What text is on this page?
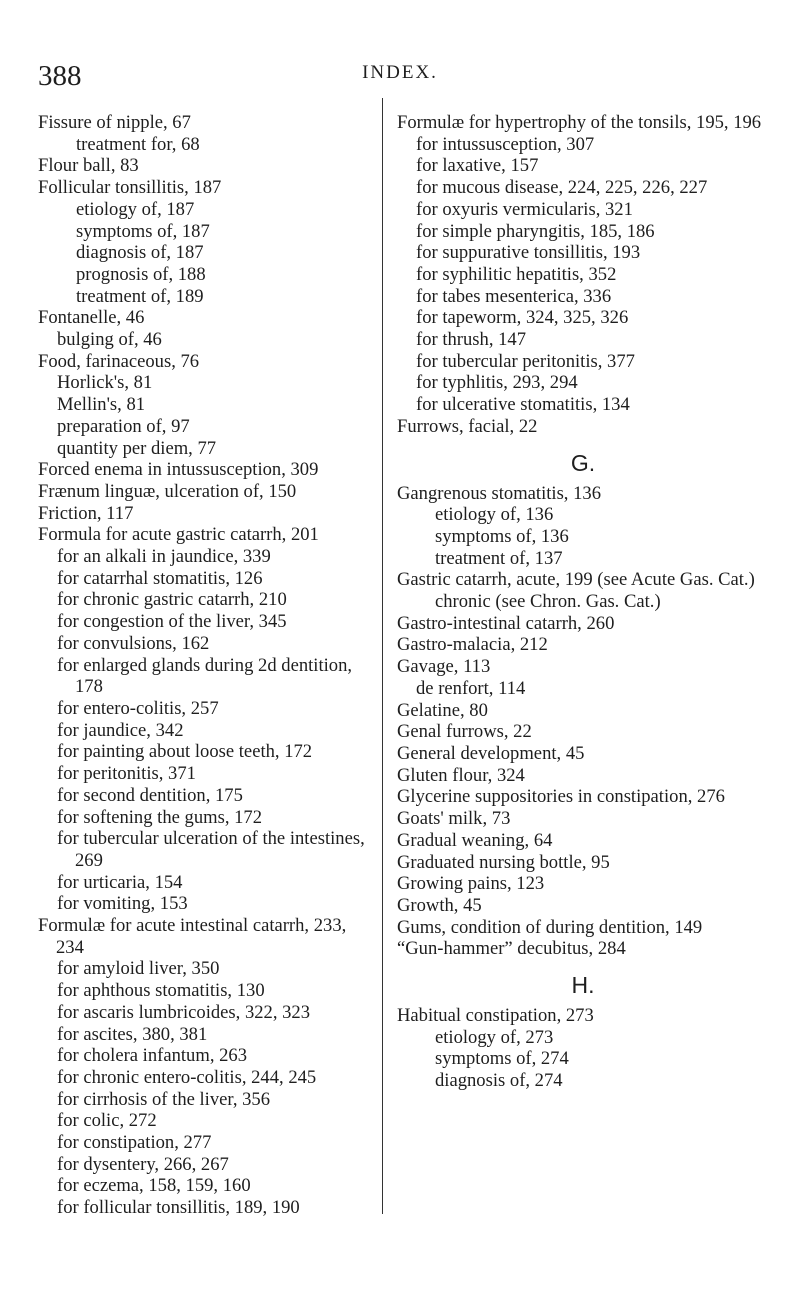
388	INDEX.
Fissure of nipple, 67
treatment for, 68
Flour ball, 83
Follicular tonsillitis, 187
etiology of, 187
symptoms of, 187
diagnosis of, 187
prognosis of, 188
treatment of, 189
Fontanelle, 46
bulging of, 46
Food, farinaceous, 76
Horlick's, 81
Mellin's, 81
preparation of, 97
quantity per diem, 77
Forced enema in intussusception, 309
Frænum linguæ, ulceration of, 150
Friction, 117
Formula for acute gastric catarrh, 201
for an alkali in jaundice, 339
for catarrhal stomatitis, 126
for chronic gastric catarrh, 210
for congestion of the liver, 345
for convulsions, 162
for enlarged glands during 2d dentition, 178
for entero-colitis, 257
for jaundice, 342
for painting about loose teeth, 172
for peritonitis, 371
for second dentition, 175
for softening the gums, 172
for tubercular ulceration of the intestines, 269
for urticaria, 154
for vomiting, 153
Formulæ for acute intestinal catarrh, 233, 234
for amyloid liver, 350
for aphthous stomatitis, 130
for ascaris lumbricoides, 322, 323
for ascites, 380, 381
for cholera infantum, 263
for chronic entero-colitis, 244, 245
for cirrhosis of the liver, 356
for colic, 272
for constipation, 277
for dysentery, 266, 267
for eczema, 158, 159, 160
for follicular tonsillitis, 189, 190
Formulæ for hypertrophy of the tonsils, 195, 196
for intussusception, 307
for laxative, 157
for mucous disease, 224, 225, 226, 227
for oxyuris vermicularis, 321
for simple pharyngitis, 185, 186
for suppurative tonsillitis, 193
for syphilitic hepatitis, 352
for tabes mesenterica, 336
for tapeworm, 324, 325, 326
for thrush, 147
for tubercular peritonitis, 377
for typhlitis, 293, 294
for ulcerative stomatitis, 134
Furrows, facial, 22
G.
Gangrenous stomatitis, 136
etiology of, 136
symptoms of, 136
treatment of, 137
Gastric catarrh, acute, 199 (see Acute Gas. Cat.)
chronic (see Chron. Gas. Cat.)
Gastro-intestinal catarrh, 260
Gastro-malacia, 212
Gavage, 113
de renfort, 114
Gelatine, 80
Genal furrows, 22
General development, 45
Gluten flour, 324
Glycerine suppositories in constipation, 276
Goats' milk, 73
Gradual weaning, 64
Graduated nursing bottle, 95
Growing pains, 123
Growth, 45
Gums, condition of during dentition, 149
“Gun-hammer” decubitus, 284
H.
Habitual constipation, 273
etiology of, 273
symptoms of, 274
diagnosis of, 274
